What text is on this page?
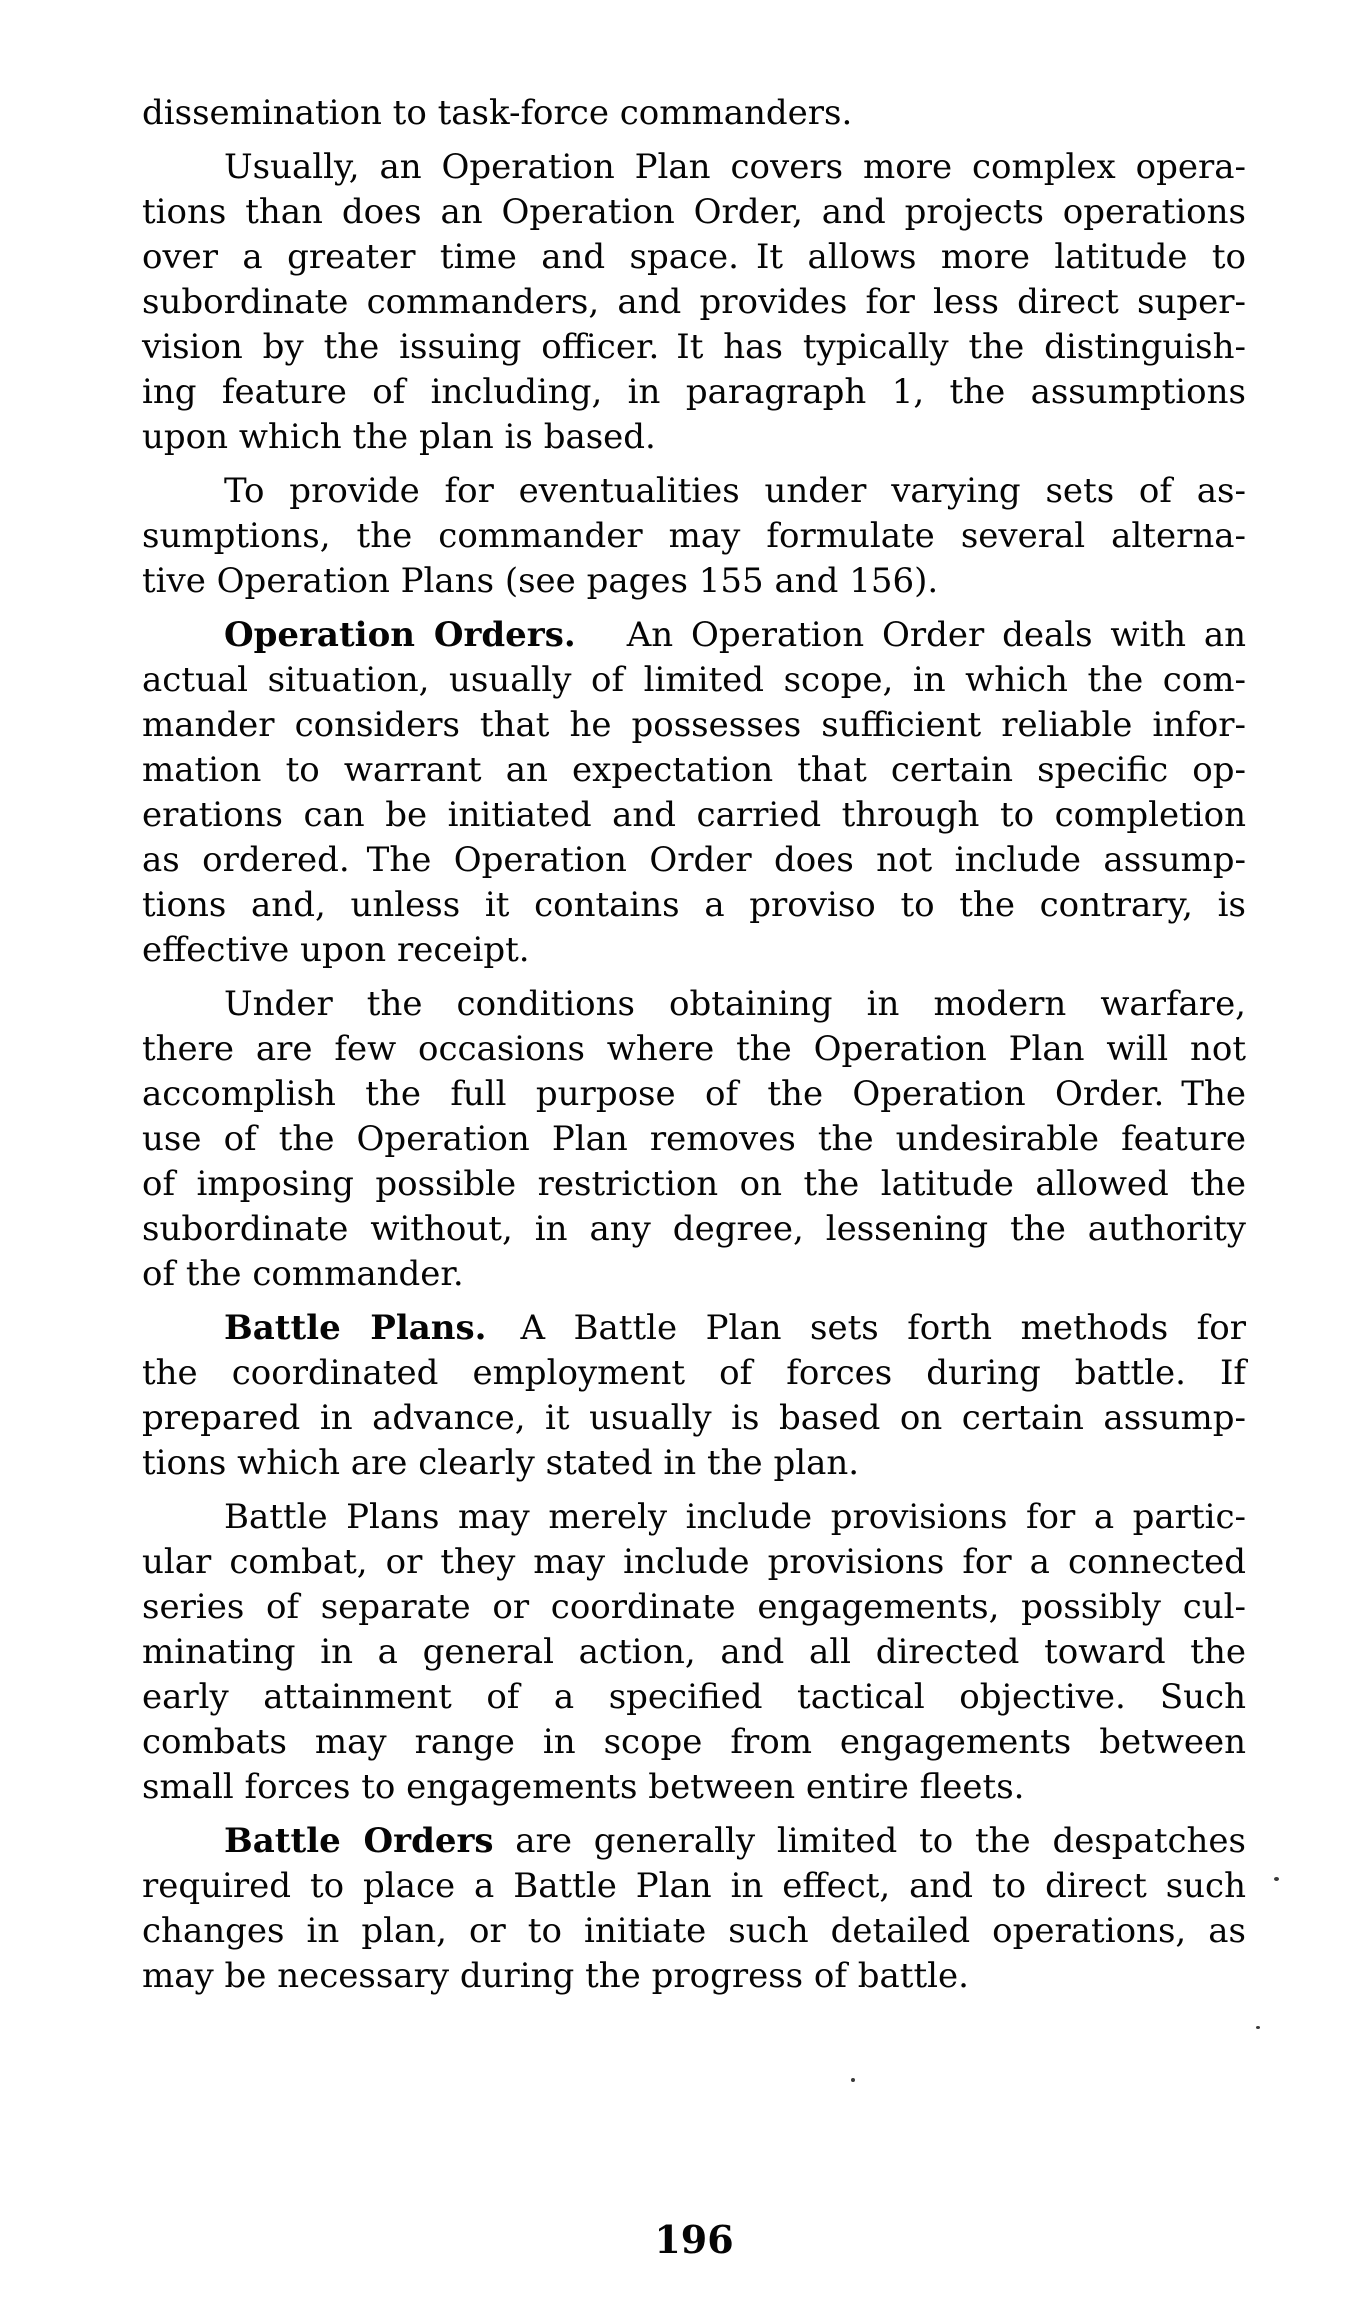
dissemination to task-force commanders.
Usually, an Operation Plan covers more complex opera-
tions than does an Operation Order, and projects operations
over a greater time and space. It allows more latitude to
subordinate commanders, and provides for less direct super-
vision by the issuing officer. It has typically the distinguish-
ing feature of including, in paragraph 1, the assumptions
upon which the plan is based.
To provide for eventualities under varying sets of as-
sumptions, the commander may formulate several alterna-
tive Operation Plans (see pages 155 and 156).
Operation Orders.  An Operation Order deals with an
actual situation, usually of limited scope, in which the com-
mander considers that he possesses sufficient reliable infor-
mation to warrant an expectation that certain specific op-
erations can be initiated and carried through to completion
as ordered. The Operation Order does not include assump-
tions and, unless it contains a proviso to the contrary, is
effective upon receipt.
Under the conditions obtaining in modern warfare,
there are few occasions where the Operation Plan will not
accomplish the full purpose of the Operation Order. The
use of the Operation Plan removes the undesirable feature
of imposing possible restriction on the latitude allowed the
subordinate without, in any degree, lessening the authority
of the commander.
Battle Plans. A Battle Plan sets forth methods for
the coordinated employment of forces during battle. If
prepared in advance, it usually is based on certain assump-
tions which are clearly stated in the plan.
Battle Plans may merely include provisions for a partic-
ular combat, or they may include provisions for a connected
series of separate or coordinate engagements, possibly cul-
minating in a general action, and all directed toward the
early attainment of a specified tactical objective. Such
combats may range in scope from engagements between
small forces to engagements between entire fleets.
Battle Orders are generally limited to the despatches
required to place a Battle Plan in effect, and to direct such
changes in plan, or to initiate such detailed operations, as
may be necessary during the progress of battle.
196
